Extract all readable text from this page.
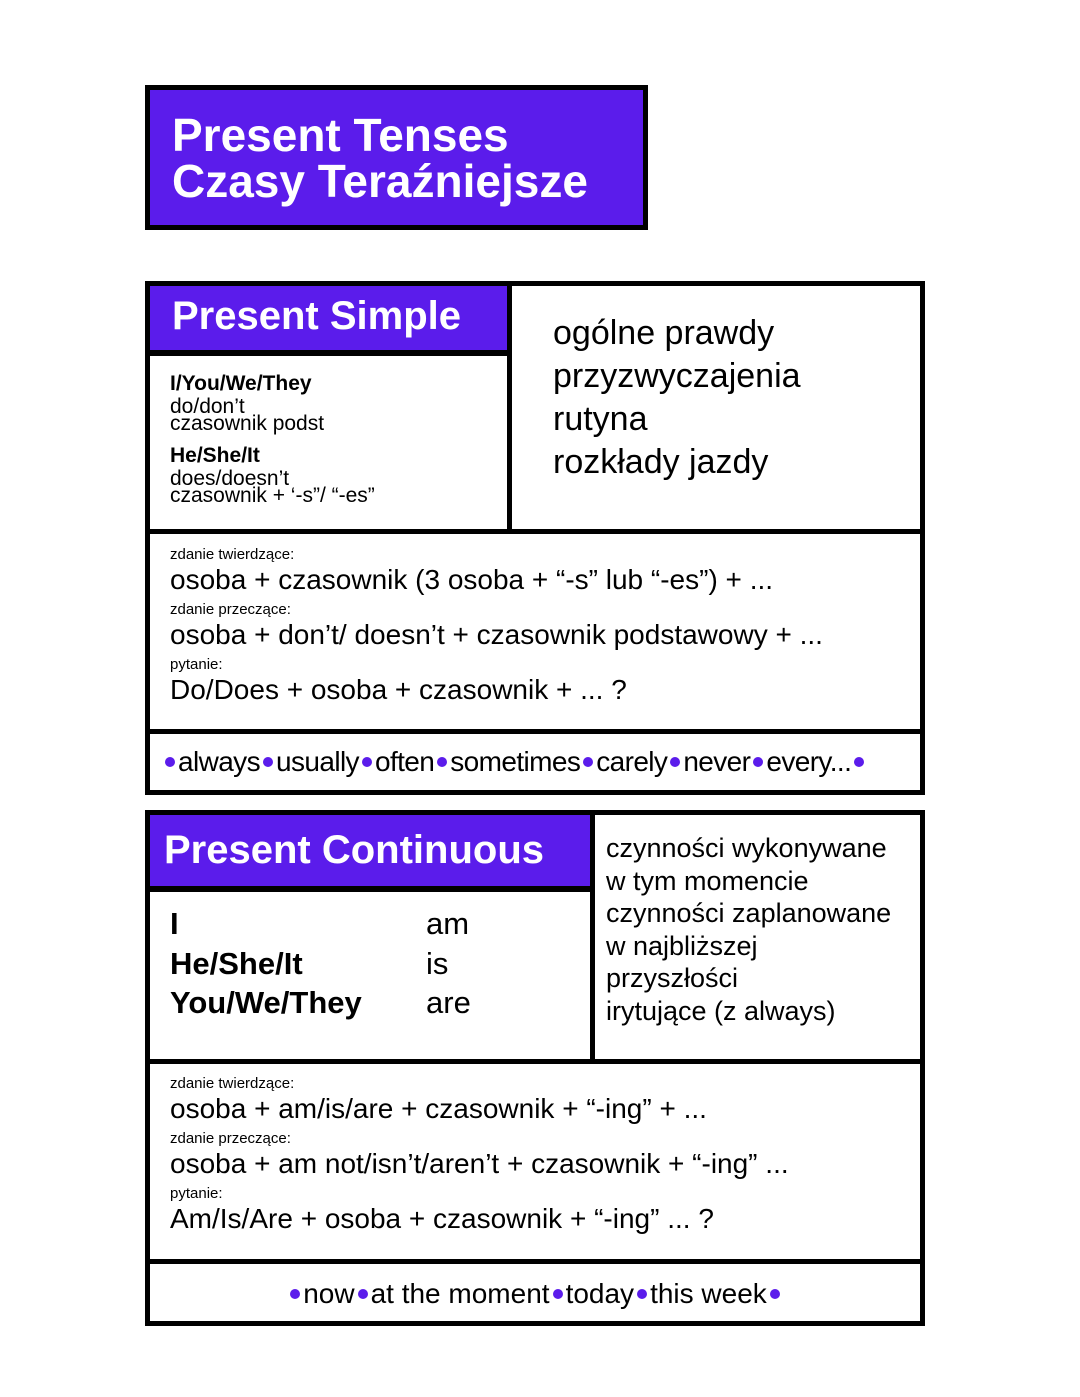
Present Tenses
Czasy Teraźniejsze
Present Simple
I/You/We/They
do/don’t
czasownik podst
He/She/It
does/doesn’t
czasownik + ‘-s”/ “-es”
ogólne prawdy
przyzwyczajenia
rutyna
rozkłady jazdy
zdanie twierdzące:
osoba + czasownik (3 osoba + “-s” lub “-es”) + ...
zdanie przeczące:
osoba + don’t/ doesn’t + czasownik podstawowy + ...
pytanie:
Do/Does + osoba + czasownik + ... ?
always usually often sometimes carely never every...
Present Continuous
I	am
He/She/It	is
You/We/They	are
czynności wykonywane
w tym momencie
czynności zaplanowane
w najbliższej
przyszłości
irytujące (z always)
zdanie twierdzące:
osoba + am/is/are + czasownik + “-ing” + ...
zdanie przeczące:
osoba + am not/isn’t/aren’t + czasownik + “-ing” ...
pytanie:
Am/Is/Are + osoba + czasownik + “-ing” ... ?
now at the moment today this week
